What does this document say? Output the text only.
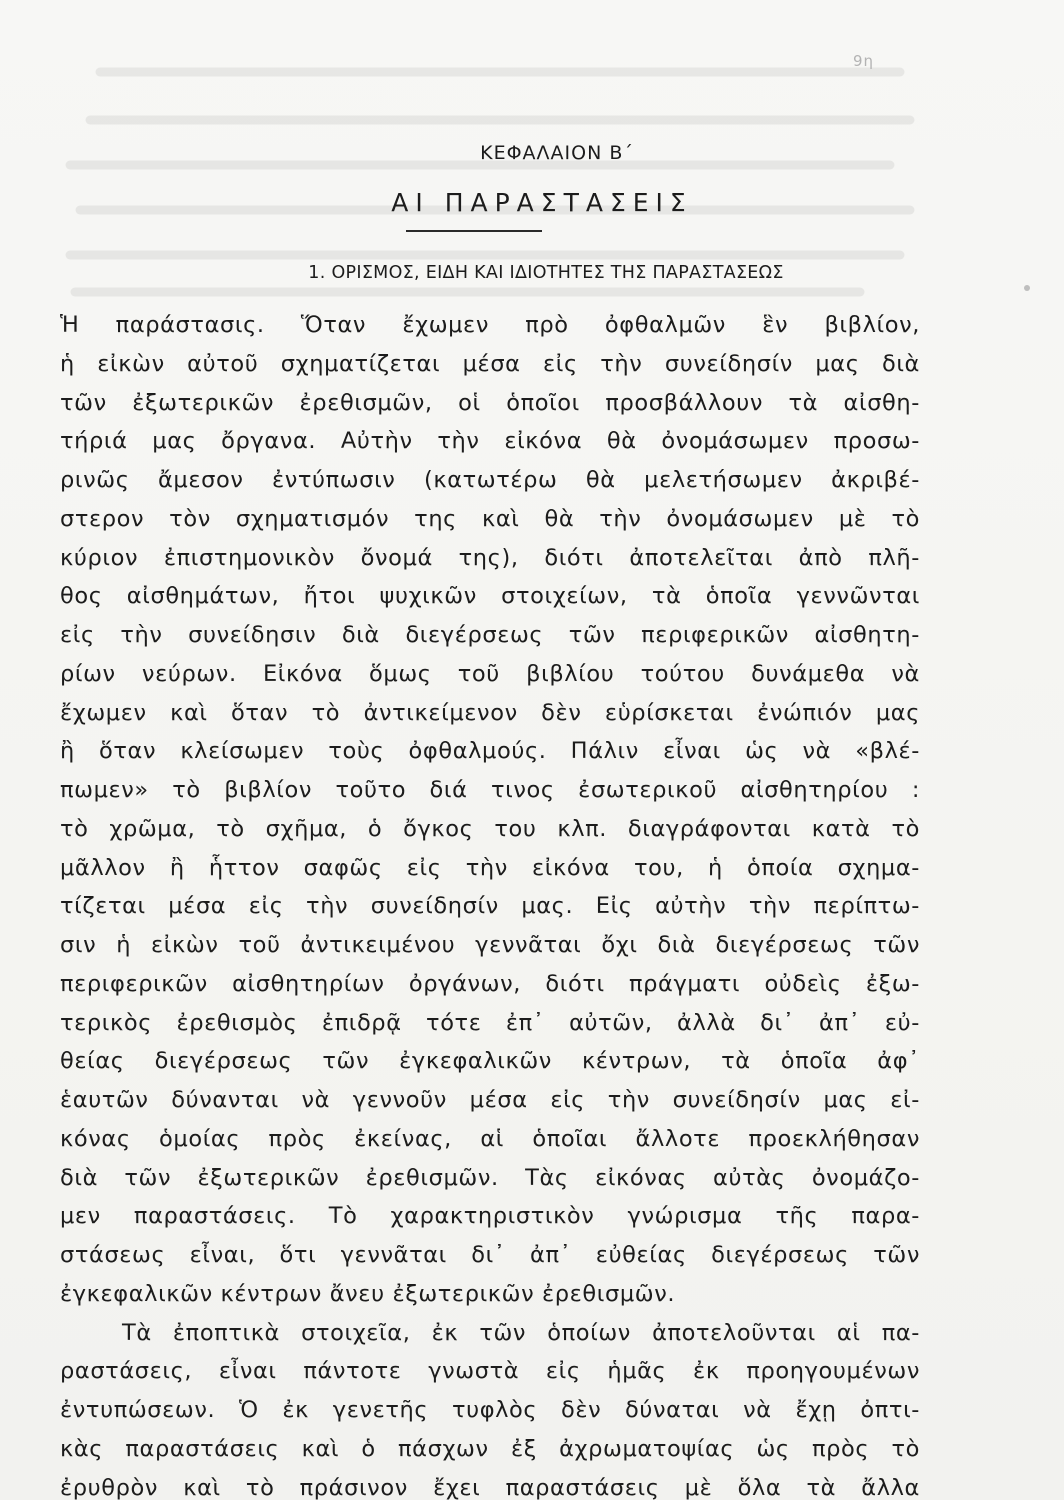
9η
ΚΕΦΑΛΑΙΟΝ Β΄
ΑΙ ΠΑΡΑΣΤΑΣΕΙΣ
1. ΟΡΙΣΜΟΣ, ΕΙΔΗ ΚΑΙ ΙΔΙΟΤΗΤΕΣ ΤΗΣ ΠΑΡΑΣΤΑΣΕΩΣ
Ἡ παράστασις. Ὅταν ἔχωμεν πρὸ ὀφθαλμῶν ἓν βιβλίον,
ἡ εἰκὼν αὐτοῦ σχηματίζεται μέσα εἰς τὴν συνείδησίν μας διὰ
τῶν ἐξωτερικῶν ἐρεθισμῶν, οἱ ὁποῖοι προσβάλλουν τὰ αἰσθη-
τήριά μας ὄργανα. Αὐτὴν τὴν εἰκόνα θὰ ὀνομάσωμεν προσω-
ρινῶς ἄμεσον ἐντύπωσιν (κατωτέρω θὰ μελετήσωμεν ἀκριβέ-
στερον τὸν σχηματισμόν της καὶ θὰ τὴν ὀνομάσωμεν μὲ τὸ
κύριον ἐπιστημονικὸν ὄνομά της), διότι ἀποτελεῖται ἀπὸ πλῆ-
θος αἰσθημάτων, ἤτοι ψυχικῶν στοιχείων, τὰ ὁποῖα γεννῶνται
εἰς τὴν συνείδησιν διὰ διεγέρσεως τῶν περιφερικῶν αἰσθητη-
ρίων νεύρων. Εἰκόνα ὅμως τοῦ βιβλίου τούτου δυνάμεθα νὰ
ἔχωμεν καὶ ὅταν τὸ ἀντικείμενον δὲν εὑρίσκεται ἐνώπιόν μας
ἢ ὅταν κλείσωμεν τοὺς ὀφθαλμούς. Πάλιν εἶναι ὡς νὰ «βλέ-
πωμεν» τὸ βιβλίον τοῦτο διά τινος ἐσωτερικοῦ αἰσθητηρίου :
τὸ χρῶμα, τὸ σχῆμα, ὁ ὄγκος του κλπ. διαγράφονται κατὰ τὸ
μᾶλλον ἢ ἧττον σαφῶς εἰς τὴν εἰκόνα του, ἡ ὁποία σχημα-
τίζεται μέσα εἰς τὴν συνείδησίν μας. Εἰς αὐτὴν τὴν περίπτω-
σιν ἡ εἰκὼν τοῦ ἀντικειμένου γεννᾶται ὄχι διὰ διεγέρσεως τῶν
περιφερικῶν αἰσθητηρίων ὀργάνων, διότι πράγματι οὐδεὶς ἐξω-
τερικὸς ἐρεθισμὸς ἐπιδρᾷ τότε ἐπ᾿ αὐτῶν, ἀλλὰ δι᾿ ἀπ᾿ εὐ-
θείας διεγέρσεως τῶν ἐγκεφαλικῶν κέντρων, τὰ ὁποῖα ἀφ᾿
ἑαυτῶν δύνανται νὰ γεννοῦν μέσα εἰς τὴν συνείδησίν μας εἰ-
κόνας ὁμοίας πρὸς ἐκείνας, αἱ ὁποῖαι ἄλλοτε προεκλήθησαν
διὰ τῶν ἐξωτερικῶν ἐρεθισμῶν. Τὰς εἰκόνας αὐτὰς ὀνομάζο-
μεν παραστάσεις. Τὸ χαρακτηριστικὸν γνώρισμα τῆς παρα-
στάσεως εἶναι, ὅτι γεννᾶται δι᾿ ἀπ᾿ εὐθείας διεγέρσεως τῶν
ἐγκεφαλικῶν κέντρων ἄνευ ἐξωτερικῶν ἐρεθισμῶν.
Τὰ ἐποπτικὰ στοιχεῖα, ἐκ τῶν ὁποίων ἀποτελοῦνται αἱ πα-
ραστάσεις, εἶναι πάντοτε γνωστὰ εἰς ἡμᾶς ἐκ προηγουμένων
ἐντυπώσεων. Ὁ ἐκ γενετῆς τυφλὸς δὲν δύναται νὰ ἔχῃ ὀπτι-
κὰς παραστάσεις καὶ ὁ πάσχων ἐξ ἀχρωματοψίας ὡς πρὸς τὸ
ἐρυθρὸν καὶ τὸ πράσινον ἔχει παραστάσεις μὲ ὅλα τὰ ἄλλα
